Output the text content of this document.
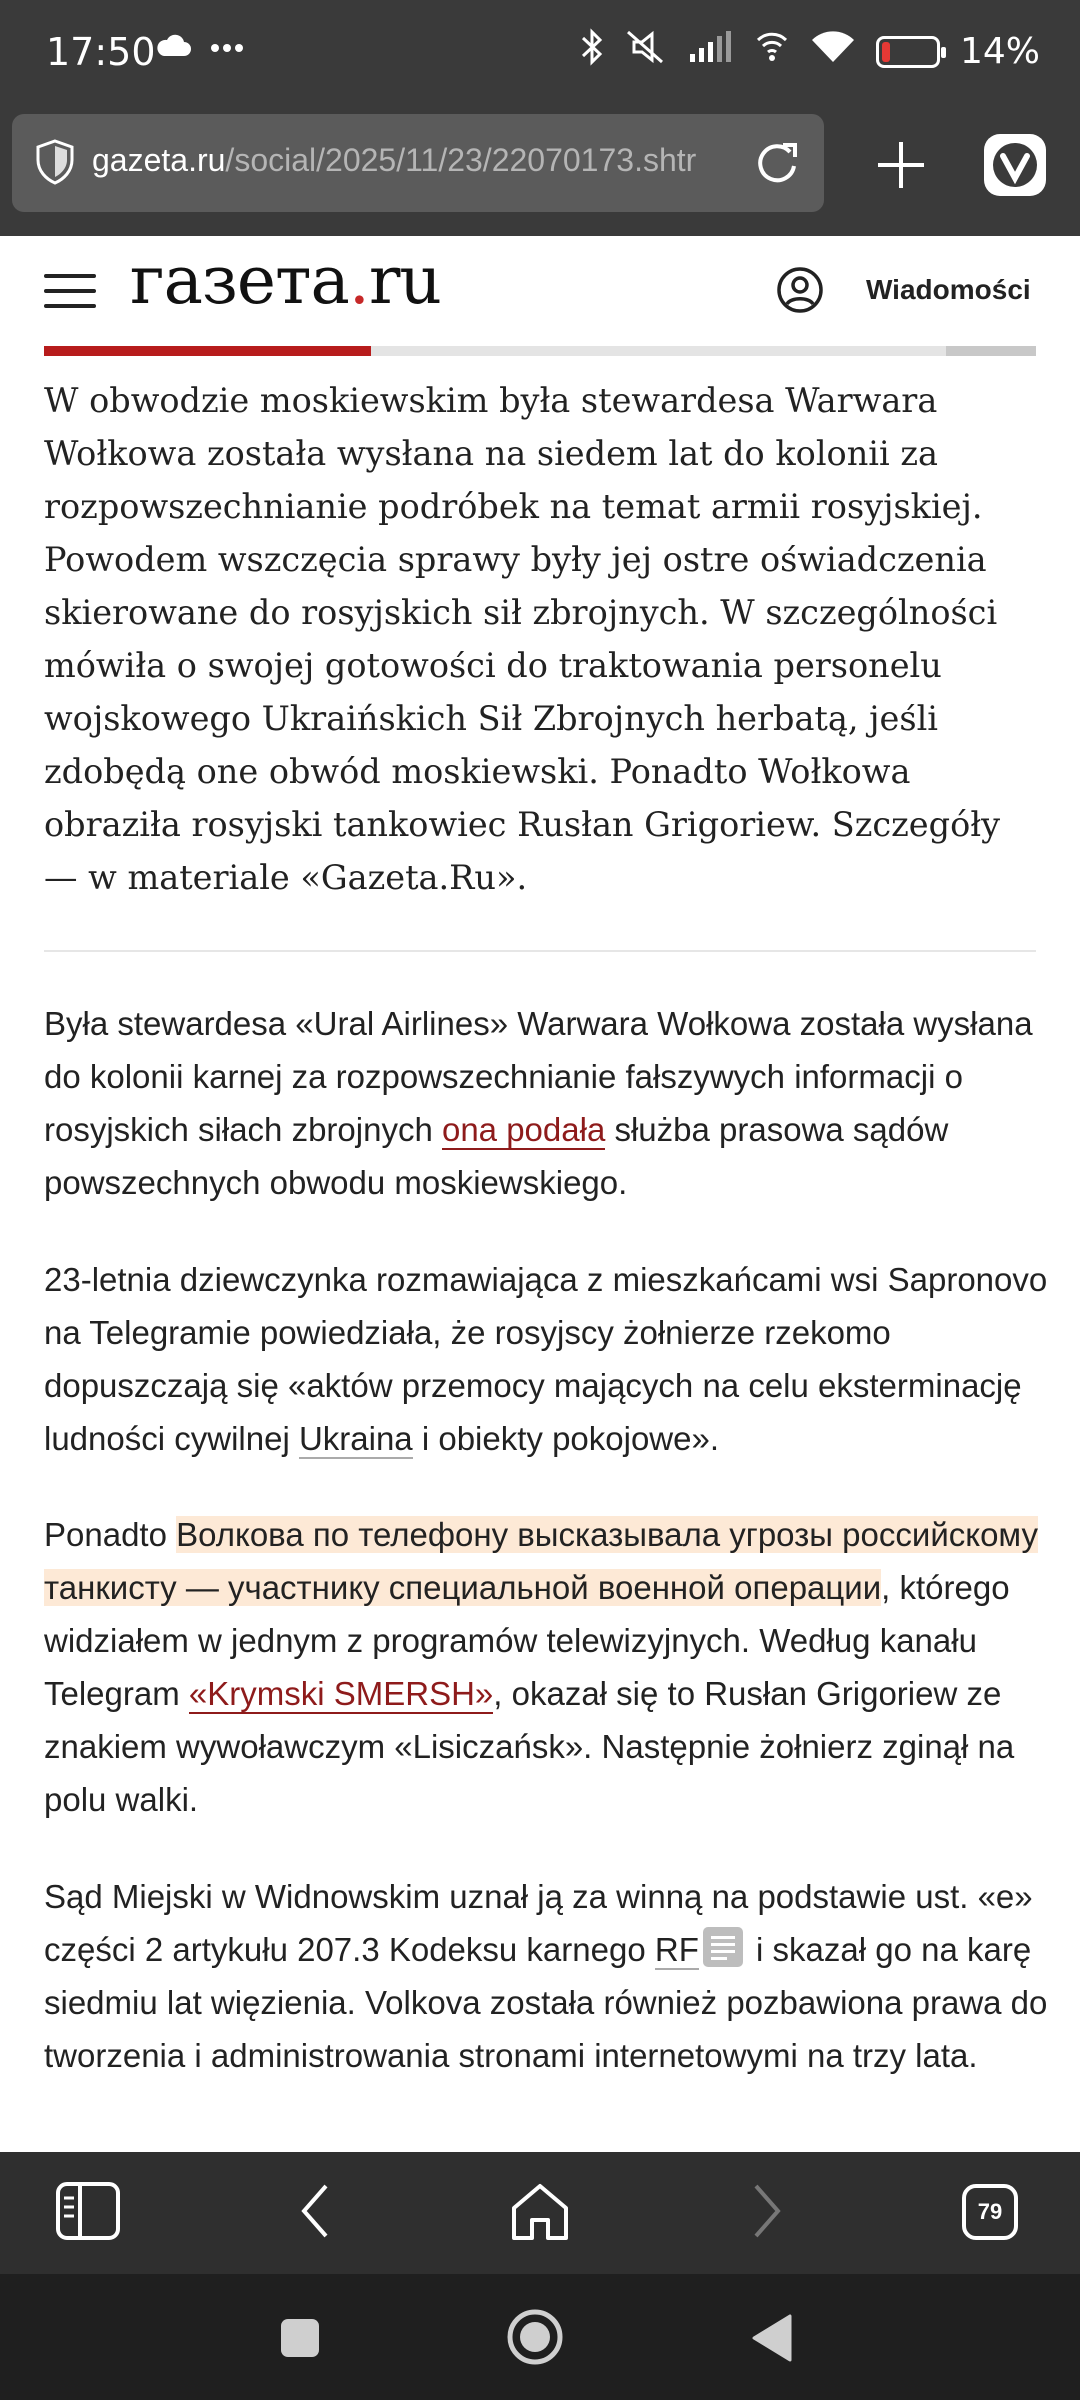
17:50	14%
gazeta.ru/social/2025/11/23/22070173.shtr
газета.ru	Wiadomości
W obwodzie moskiewskim była stewardesa Warwara Wołkowa została wysłana na siedem lat do kolonii za rozpowszechnianie podróbek na temat armii rosyjskiej. Powodem wszczęcia sprawy były jej ostre oświadczenia skierowane do rosyjskich sił zbrojnych. W szczególności mówiła o swojej gotowości do traktowania personelu wojskowego Ukraińskich Sił Zbrojnych herbatą, jeśli zdobędą one obwód moskiewski. Ponadto Wołkowa obraziła rosyjski tankowiec Rusłan Grigoriew. Szczegóły — w materiale «Gazeta.Ru».
Była stewardesa «Ural Airlines» Warwara Wołkowa została wysłana do kolonii karnej za rozpowszechnianie fałszywych informacji o rosyjskich siłach zbrojnych ona podała służba prasowa sądów powszechnych obwodu moskiewskiego.
23-letnia dziewczynka rozmawiająca z mieszkańcami wsi Sapronovo na Telegramie powiedziała, że rosyjscy żołnierze rzekomo dopuszczają się «aktów przemocy mających na celu eksterminację ludności cywilnej Ukraina i obiekty pokojowe».
Ponadto Волкова по телефону высказывала угрозы российскому танкисту — участнику специальной военной операции, którego widziałem w jednym z programów telewizyjnych. Według kanału Telegram «Krymski SMERSH», okazał się to Rusłan Grigoriew ze znakiem wywoławczym «Lisiczańsk». Następnie żołnierz zginął na polu walki.
Sąd Miejski w Widnowskim uznał ją za winną na podstawie ust. «e» części 2 artykułu 207.3 Kodeksu karnego RF
i skazał go na karę siedmiu lat więzienia. Volkova została również pozbawiona prawa do tworzenia i administrowania stronami internetowymi na trzy lata.
79
